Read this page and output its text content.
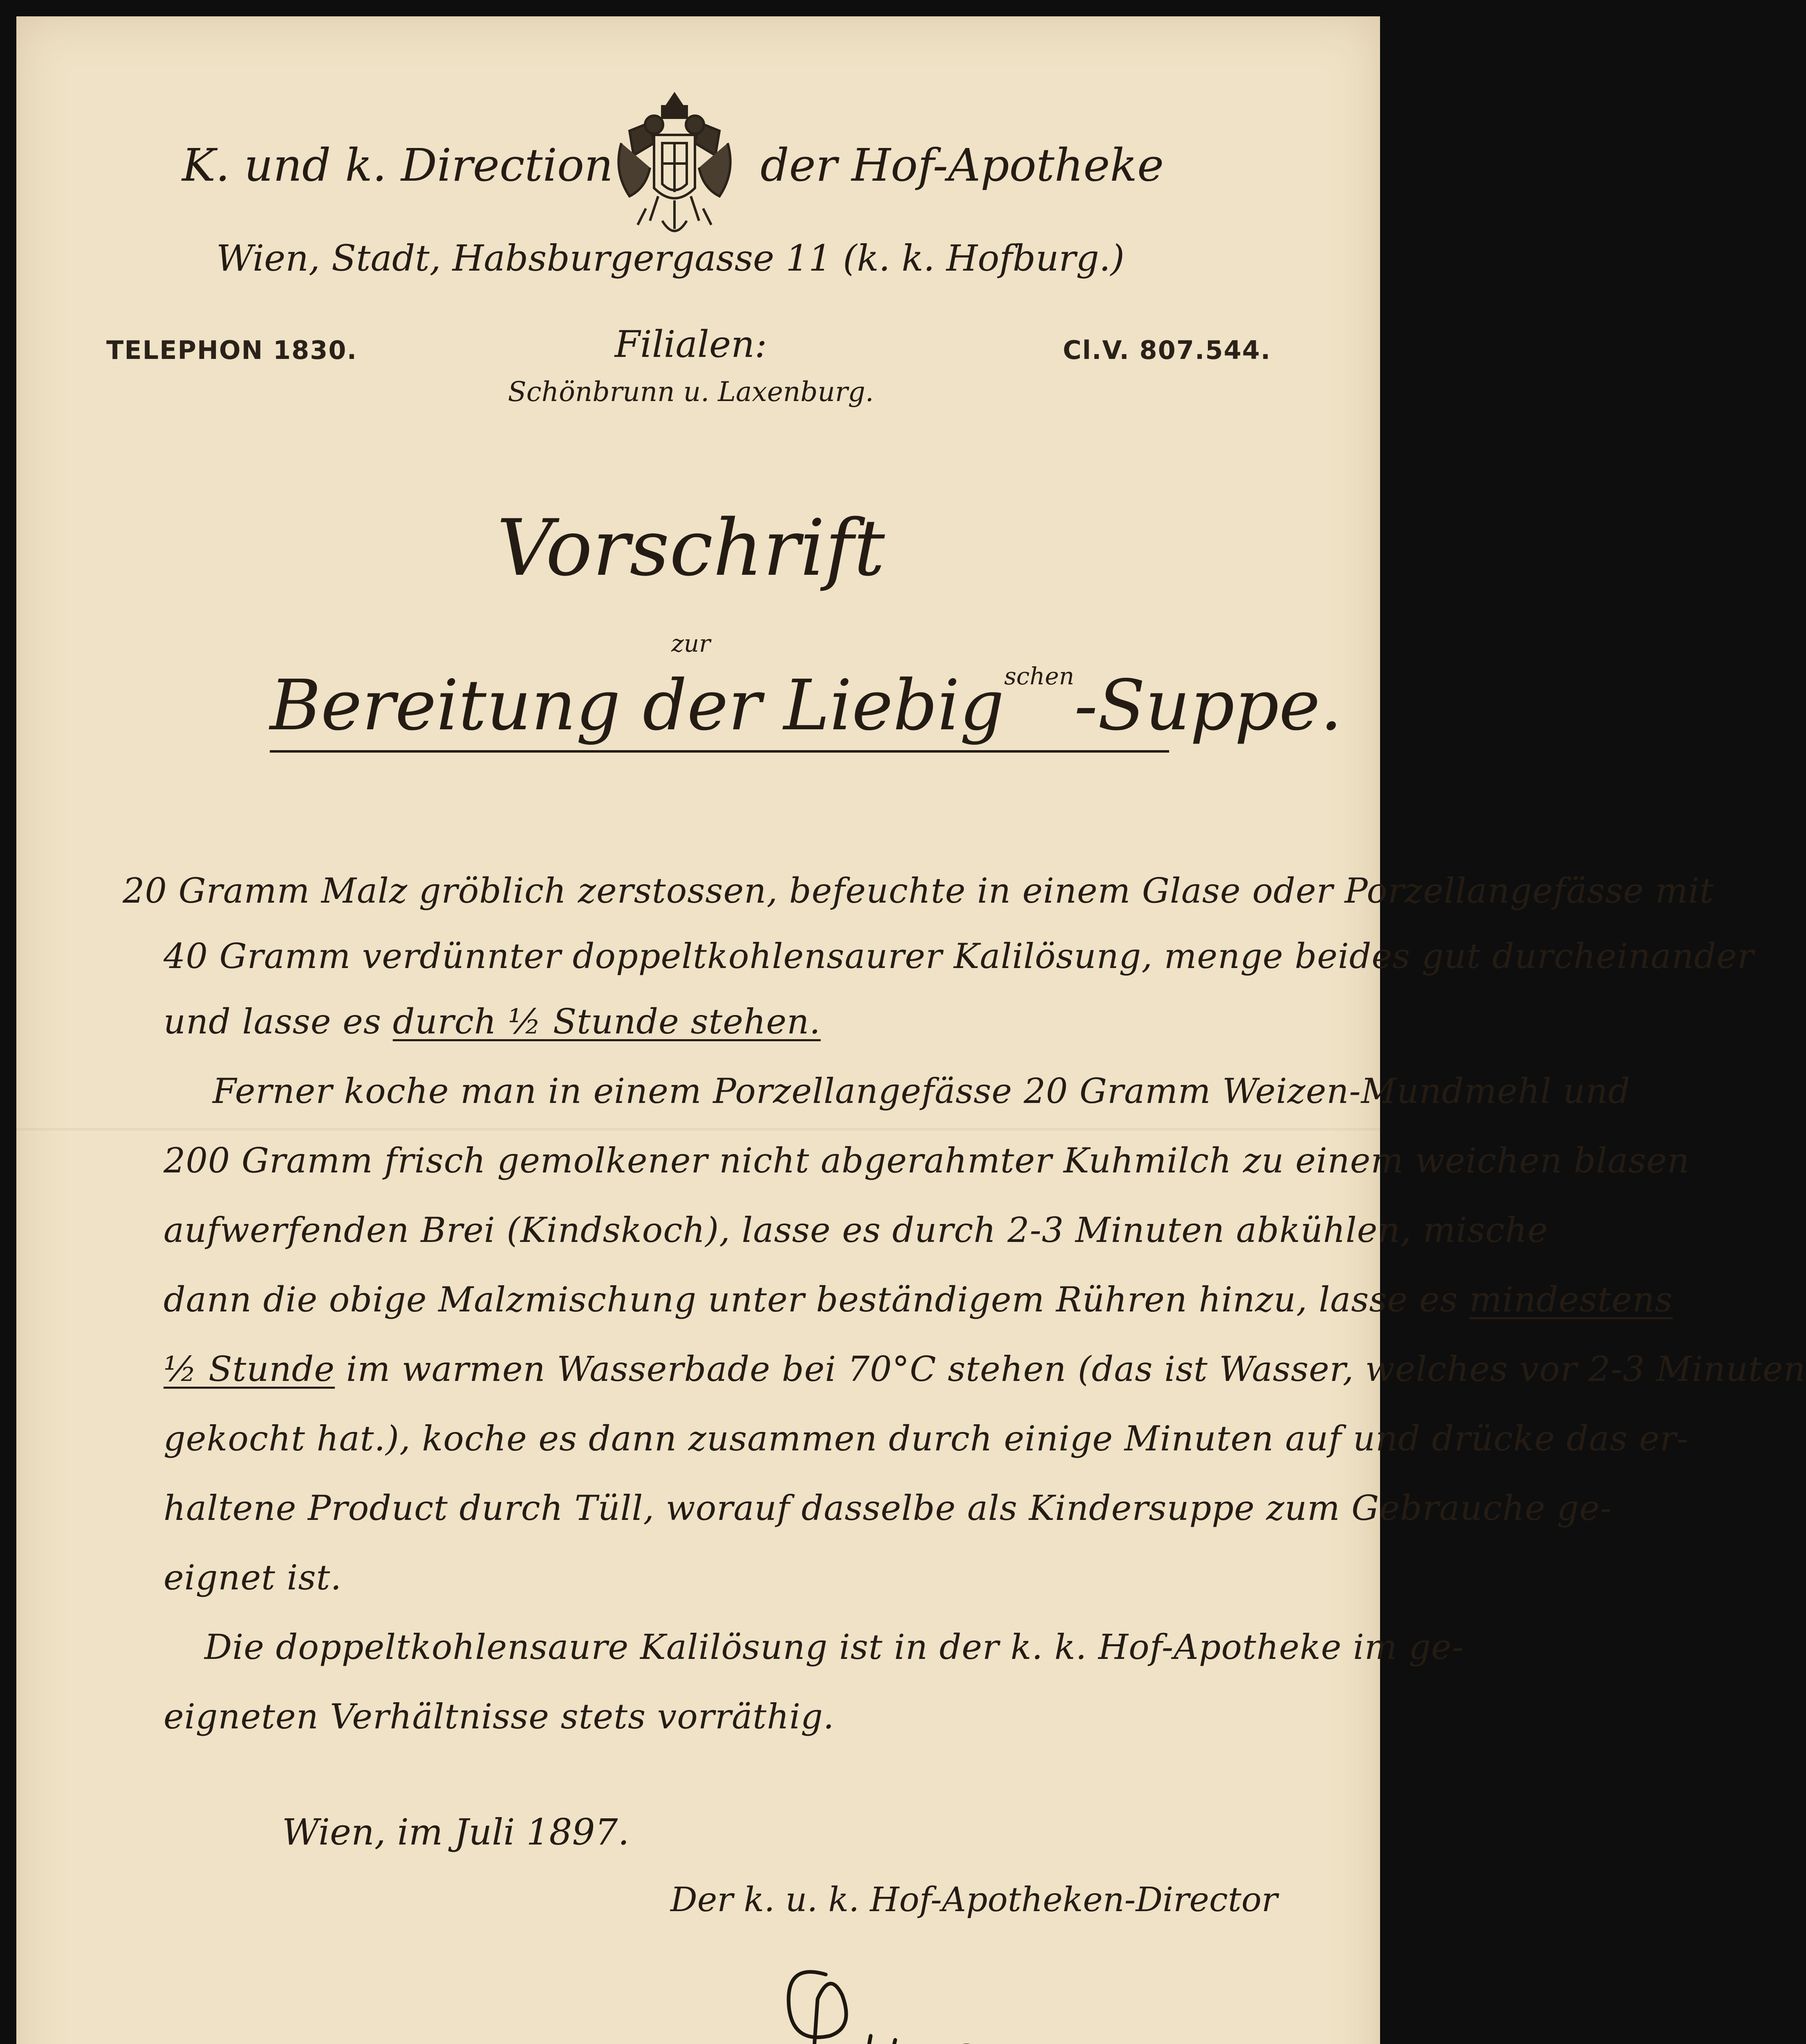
K. und k. Direction	der Hof-Apotheke
Wien, Stadt, Habsburgergasse 11 (k. k. Hofburg.)
TELEPHON 1830.	Filialen:	Cl.V. 807.544.
Schönbrunn u. Laxenburg.
Vorschrift
zur
Bereitung der Liebig$^{schen}$-Suppe.
20 Gramm Malz gröblich zerstossen, befeuchte in einem Glase oder Porzellangefässe mit
40 Gramm verdünnter doppeltkohlensaurer Kalilösung, menge beides gut durcheinander
und lasse es durch ½ Stunde stehen.
Ferner koche man in einem Porzellangefässe 20 Gramm Weizen-Mundmehl und
200 Gramm frisch gemolkener nicht abgerahmter Kuhmilch zu einem weichen blasen
aufwerfenden Brei (Kindskoch), lasse es durch 2-3 Minuten abkühlen, mische
dann die obige Malzmischung unter beständigem Rühren hinzu, lasse es mindestens
½ Stunde im warmen Wasserbade bei 70°C stehen (das ist Wasser, welches vor 2-3 Minuten
gekocht hat.), koche es dann zusammen durch einige Minuten auf und drücke das er-
haltene Product durch Tüll, worauf dasselbe als Kindersuppe zum Gebrauche ge-
eignet ist.
Die doppeltkohlensaure Kalilösung ist in der k. k. Hof-Apotheke im ge-
eigneten Verhältnisse stets vorräthig.
Wien, im Juli 1897.
Der k. u. k. Hof-Apotheken-Director
